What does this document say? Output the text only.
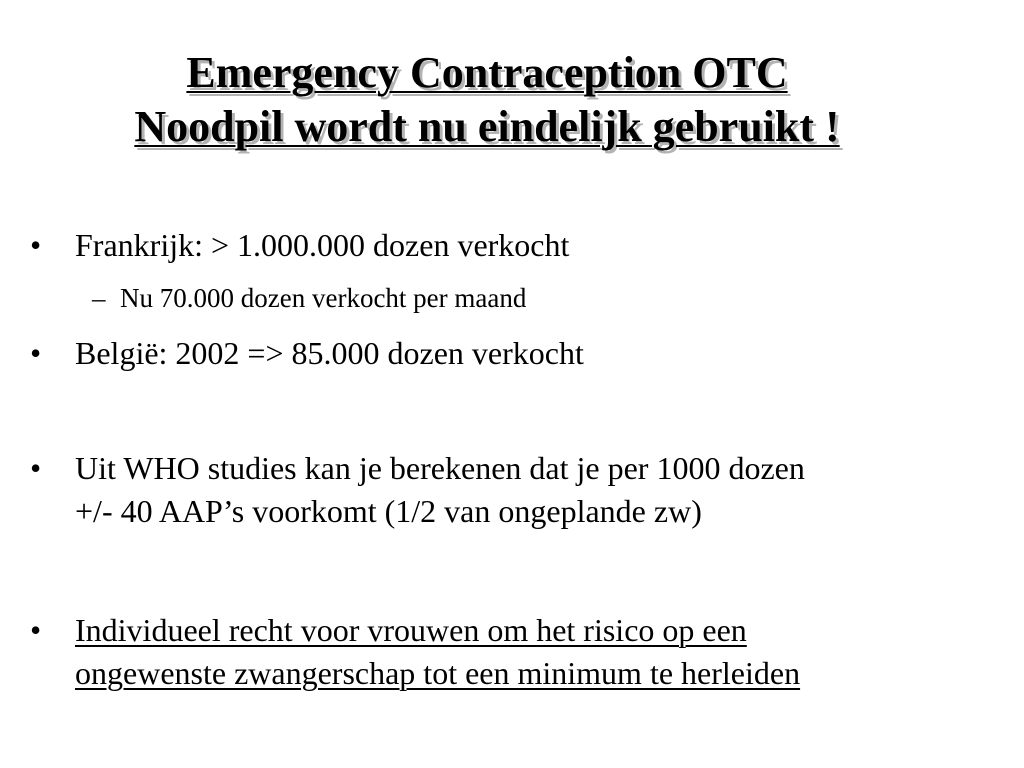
Emergency Contraception OTC
Noodpil wordt nu eindelijk gebruikt !
•	Frankrijk: > 1.000.000 dozen verkocht
– Nu 70.000 dozen verkocht per maand
•	België: 2002 => 85.000 dozen verkocht
•	Uit WHO studies kan je berekenen dat je per 1000 dozen
+/- 40 AAP’s voorkomt (1/2 van ongeplande zw)
•	Individueel recht voor vrouwen om het risico op een
ongewenste zwangerschap tot een minimum te herleiden
